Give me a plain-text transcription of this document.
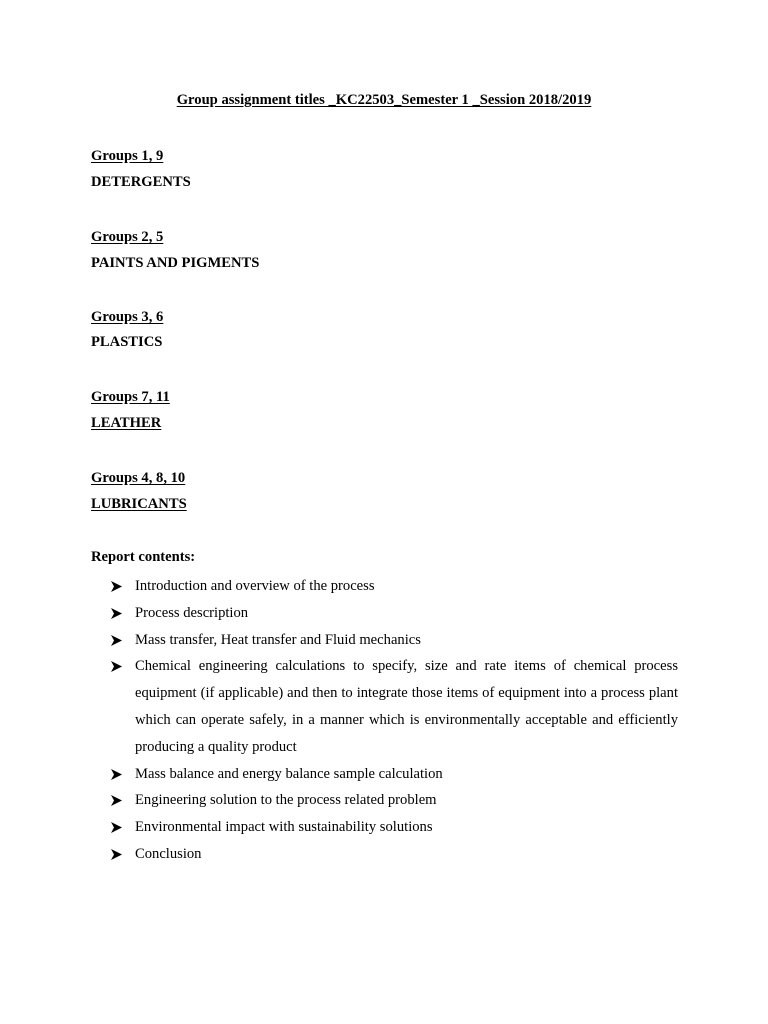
Group assignment titles _KC22503_Semester 1 _Session 2018/2019
Groups 1, 9
DETERGENTS
Groups 2, 5
PAINTS AND PIGMENTS
Groups 3, 6
PLASTICS
Groups 7, 11
LEATHER
Groups 4, 8, 10
LUBRICANTS
Report contents:
Introduction and overview of the process
Process description
Mass transfer, Heat transfer and Fluid mechanics
Chemical engineering calculations to specify, size and rate items of chemical process equipment (if applicable) and then to integrate those items of equipment into a process plant which can operate safely, in a manner which is environmentally acceptable and efficiently producing a quality product
Mass balance and energy balance sample calculation
Engineering solution to the process related problem
Environmental impact with sustainability solutions
Conclusion
